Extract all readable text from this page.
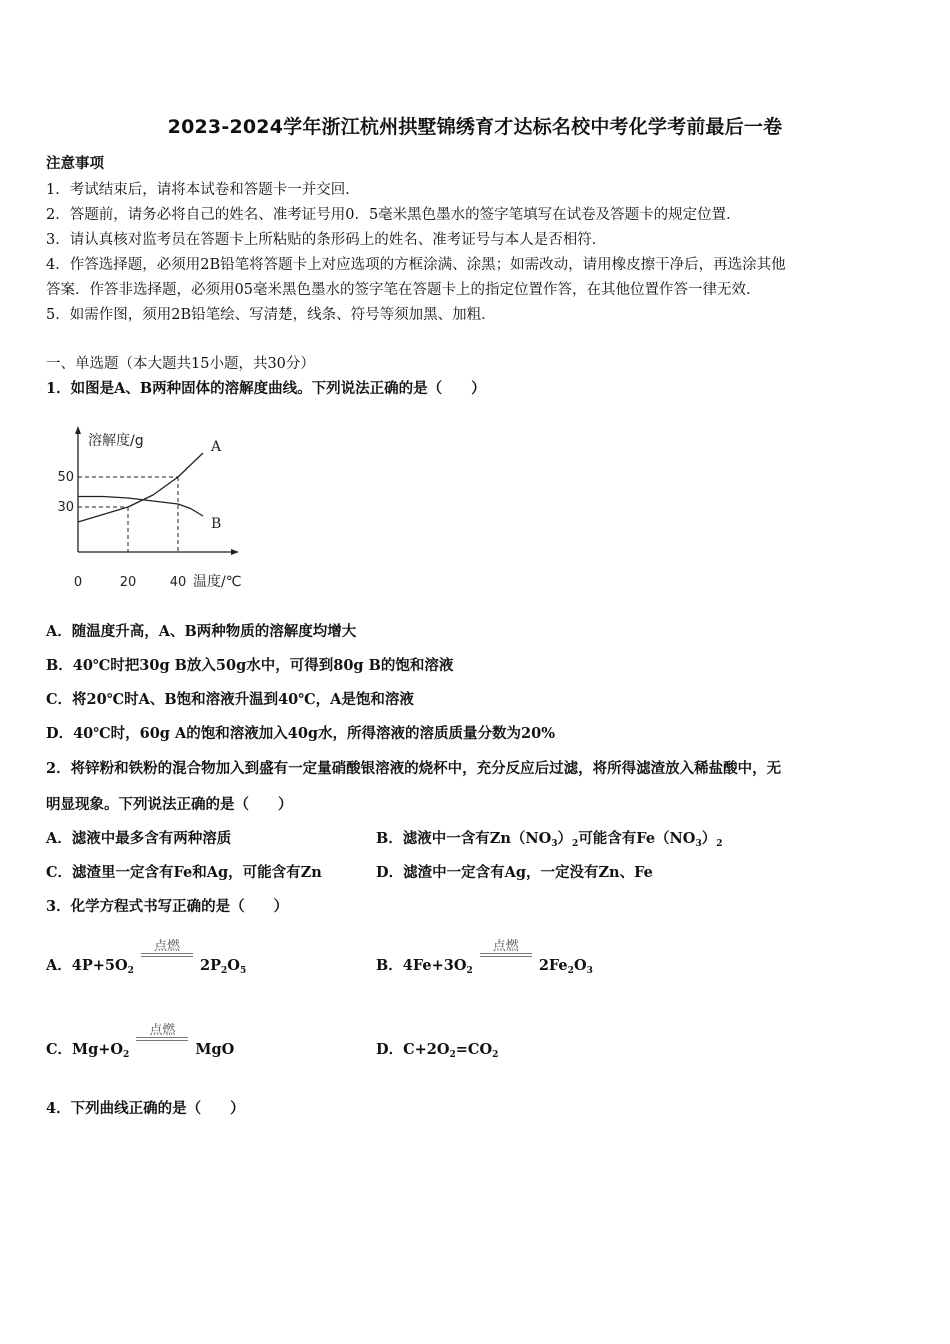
2023-2024学年浙江杭州拱墅锦绣育才达标名校中考化学考前最后一卷
注意事项
1．考试结束后，请将本试卷和答题卡一并交回．
2．答题前，请务必将自己的姓名、准考证号用0．5毫米黑色墨水的签字笔填写在试卷及答题卡的规定位置．
3．请认真核对监考员在答题卡上所粘贴的条形码上的姓名、准考证号与本人是否相符．
4．作答选择题，必须用2B铅笔将答题卡上对应选项的方框涂满、涂黑；如需改动，请用橡皮擦干净后，再选涂其他
答案．作答非选择题，必须用05毫米黑色墨水的签字笔在答题卡上的指定位置作答，在其他位置作答一律无效．
5．如需作图，须用2B铅笔绘、写清楚，线条、符号等须加黑、加粗．
一、单选题（本大题共15小题，共30分）
1．如图是A、B两种固体的溶解度曲线。下列说法正确的是（　　）
溶解度/g
温度/℃
0	20	40
30
50
A
B
A．随温度升高，A、B两种物质的溶解度均增大
B．40℃时把30g B放入50g水中，可得到80g B的饱和溶液
C．将20℃时A、B饱和溶液升温到40℃，A是饱和溶液
D．40℃时，60g A的饱和溶液加入40g水，所得溶液的溶质质量分数为20%
2．将锌粉和铁粉的混合物加入到盛有一定量硝酸银溶液的烧杯中，充分反应后过滤，将所得滤渣放入稀盐酸中，无
明显现象。下列说法正确的是（　　）
A．滤液中最多含有两种溶质	B．滤液中一含有$Zn(NO_3)_2$可能含有$Fe(NO_3)_2$
C．滤渣里一定含有Fe和Ag，可能含有Zn	D．滤渣中一定含有Ag，一定没有Zn、Fe
3．化学方程式书写正确的是（　　）
A．$4P+5O_2$
点燃
$2P_2O_5$	B．$4Fe+3O_2$
点燃
$2Fe_2O_3$
C．$Mg+O_2$
点燃
MgO	D．$C+2O_2=CO_2$
4．下列曲线正确的是（　　）
